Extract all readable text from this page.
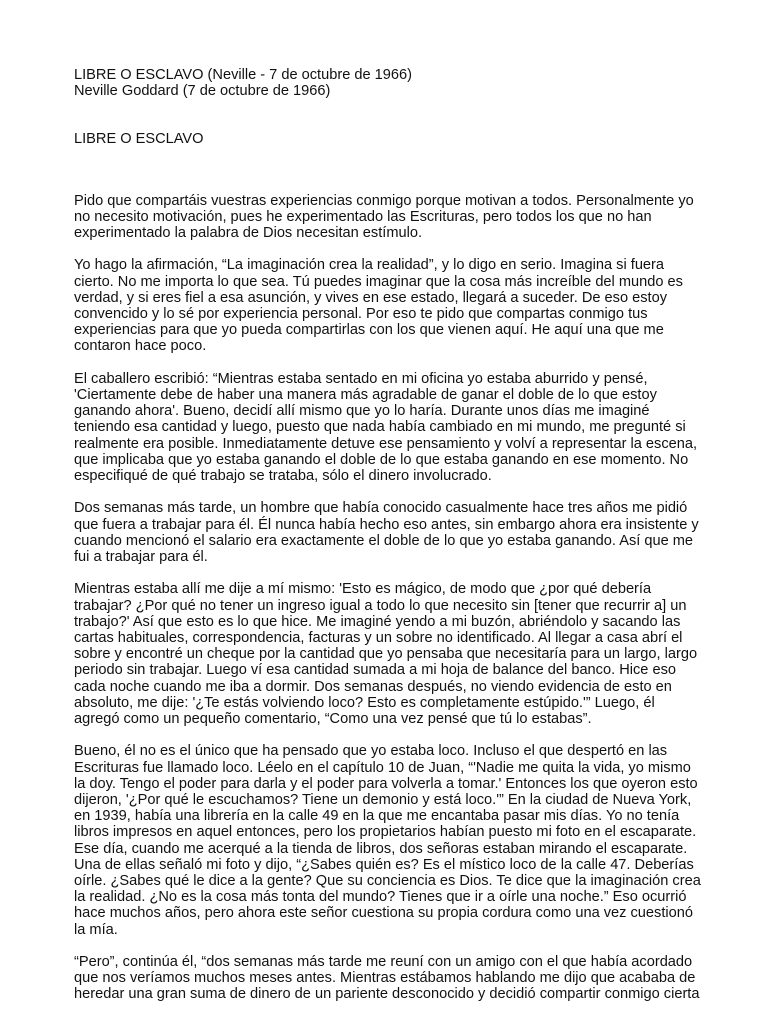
LIBRE O ESCLAVO (Neville - 7 de octubre de 1966)

Neville Goddard (7 de octubre de 1966)

LIBRE O ESCLAVO

Pido que compartáis vuestras experiencias conmigo porque motivan a todos. Personalmente yo no necesito motivación, pues he experimentado las Escrituras, pero todos los que no han experimentado la palabra de Dios necesitan estímulo.

Yo hago la afirmación, “La imaginación crea la realidad”, y lo digo en serio. Imagina si fuera cierto. No me importa lo que sea. Tú puedes imaginar que la cosa más increíble del mundo es verdad, y si eres fiel a esa asunción, y vives en ese estado, llegará a suceder. De eso estoy convencido y lo sé por experiencia personal. Por eso te pido que compartas conmigo tus experiencias para que yo pueda compartirlas con los que vienen aquí. He aquí una que me contaron hace poco.

El caballero escribió: “Mientras estaba sentado en mi oficina yo estaba aburrido y pensé, 'Ciertamente debe de haber una manera más agradable de ganar el doble de lo que estoy ganando ahora'. Bueno, decidí allí mismo que yo lo haría. Durante unos días me imaginé teniendo esa cantidad y luego, puesto que nada había cambiado en mi mundo, me pregunté si realmente era posible. Inmediatamente detuve ese pensamiento y volví a representar la escena, que implicaba que yo estaba ganando el doble de lo que estaba ganando en ese momento. No especifiqué de qué trabajo se trataba, sólo el dinero involucrado.

Dos semanas más tarde, un hombre que había conocido casualmente hace tres años me pidió que fuera a trabajar para él. Él nunca había hecho eso antes, sin embargo ahora era insistente y cuando mencionó el salario era exactamente el doble de lo que yo estaba ganando. Así que me fui a trabajar para él.

Mientras estaba allí me dije a mí mismo: 'Esto es mágico, de modo que ¿por qué debería trabajar? ¿Por qué no tener un ingreso igual a todo lo que necesito sin [tener que recurrir a] un trabajo?' Así que esto es lo que hice. Me imaginé yendo a mi buzón, abriéndolo y sacando las cartas habituales, correspondencia, facturas y un sobre no identificado. Al llegar a casa abrí el sobre y encontré un cheque por la cantidad que yo pensaba que necesitaría para un largo, largo periodo sin trabajar. Luego ví esa cantidad sumada a mi hoja de balance del banco. Hice eso cada noche cuando me iba a dormir. Dos semanas después, no viendo evidencia de esto en absoluto, me dije: '¿Te estás volviendo loco? Esto es completamente estúpido.'” Luego, él agregó como un pequeño comentario, “Como una vez pensé que tú lo estabas”.

Bueno, él no es el único que ha pensado que yo estaba loco. Incluso el que despertó en las Escrituras fue llamado loco. Léelo en el capítulo 10 de Juan, “'Nadie me quita la vida, yo mismo la doy. Tengo el poder para darla y el poder para volverla a tomar.' Entonces los que oyeron esto dijeron, '¿Por qué le escuchamos? Tiene un demonio y está loco.'” En la ciudad de Nueva York, en 1939, había una librería en la calle 49 en la que me encantaba pasar mis días. Yo no tenía libros impresos en aquel entonces, pero los propietarios habían puesto mi foto en el escaparate. Ese día, cuando me acerqué a la tienda de libros, dos señoras estaban mirando el escaparate. Una de ellas señaló mi foto y dijo, “¿Sabes quién es? Es el místico loco de la calle 47. Deberías oírle. ¿Sabes qué le dice a la gente? Que su conciencia es Dios. Te dice que la imaginación crea la realidad. ¿No es la cosa más tonta del mundo? Tienes que ir a oírle una noche.” Eso ocurrió hace muchos años, pero ahora este señor cuestiona su propia cordura como una vez cuestionó la mía.

“Pero”, continúa él, “dos semanas más tarde me reuní con un amigo con el que había acordado que nos veríamos muchos meses antes. Mientras estábamos hablando me dijo que acababa de heredar una gran suma de dinero de un pariente desconocido y decidió compartir conmigo cierta
